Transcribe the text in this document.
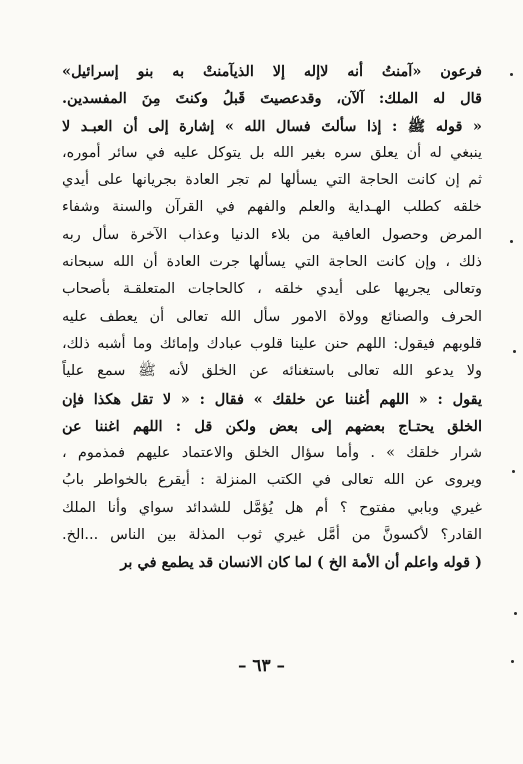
فرعون «آمنتُ أنه لاإله إلا الذيآمنتْ به بنو إسرائيل»
قال له الملك: آلآن، وقدعصيتَ قَبلُ وكنتَ مِنَ المفسدين.
« قوله ﷺ : إذا سألتَ فسال الله » إشارة إلى أن العبـد لا
ينبغي له أن يعلق سره بغير الله بل يتوكل عليه في سائر أموره،
ثم إن كانت الحاجة التي يسألها لم تجر العادة بجريانها على أيدي
خلقه كطلب الهـداية والعلم والفهم في القرآن والسنة وشفاء
المرض وحصول العافية من بلاء الدنيا وعذاب الآخرة سأل ربه
ذلك ، وإن كانت الحاجة التي يسألها جرت العادة أن الله سبحانه
وتعالى يجريها على أيدي خلقه ، كالحاجات المتعلقـة بأصحاب
الحرف والصنائع وولاة الامور سأل الله تعالى أن يعطف عليه
قلوبهم فيقول: اللهم حنن علينا قلوب عبادك وإمائك وما أشبه ذلك،
ولا يدعو الله تعالى باستغنائه عن الخلق لأنه ﷺ سمع علياً
يقول : « اللهم أغننا عن خلقك » فقال : « لا تقل هكذا فإن
الخلق يحتـاج بعضهم إلى بعض ولكن قل : اللهم اغننا عن
شرار خلقك » . وأما سؤال الخلق والاعتماد عليهم فمذموم ،
ويروى عن الله تعالى في الكتب المنزلة : أيقرع بالخواطر بابُ
غيري وبابي مفتوح ؟ أم هل يُؤمَّل للشدائد سواي وأنا الملك
القادر؟ لأكسونَّ من أمَّل غيري ثوب المذلة بين الناس ...الخ.
( قوله واعلم أن الأمة الخ ) لما كان الانسان قد يطمع في بر
– ٦٣ –
